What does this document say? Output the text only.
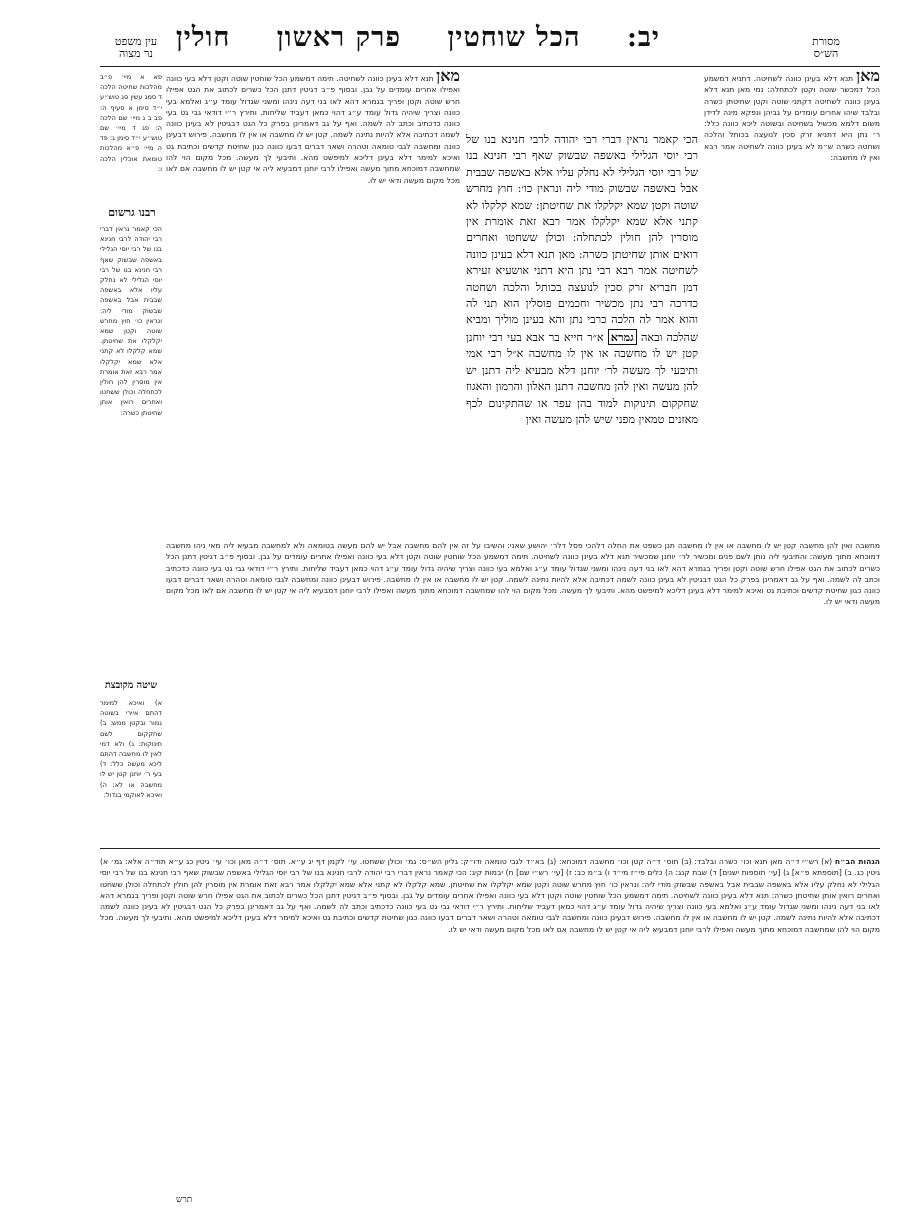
עין משפט
נר מצוה
יב: הכל שוחטין פרק ראשון חולין	מסורת
הש״ס
פא א מיי׳ פ״ב מהלכות שחיטה הלכה ד סמג עשין סג טוש״ע י״ד סימן א סעיף ה: פב ב ג מיי׳ שם הלכה ה: פג ד מיי׳ שם טוש״ע י״ד סימן ג: פד ה מיי׳ פ״א מהלכות טומאת אוכלין הלכה ו:
רבנו גרשום
הכי קאמר נראין דברי רבי יהודה לרבי חנינא בנו של רבי יוסי הגלילי באשפה שבשוק שאף רבי חנינא בנו של רבי יוסי הגלילי לא נחלק עליו אלא באשפה שבבית אבל באשפה שבשוק מודי ליה: ונראין כו׳ חוץ מחרש שוטה וקטן שמא יקלקלו את שחיטתן. שמא קלקלו לא קתני אלא שמא יקלקלו אמר רבא זאת אומרת אין מוסרין להן חולין לכתחלה וכולן ששחטו ואחרים רואין אותן שחיטתן כשרה:
שיטה מקובצת
א) ואיכא למימר דהתם איירי בשוטה גמור ובקטן ממש: ב) שחקקום לשם תינוקות: ג) ולא דמי לאין לו מחשבה דהתם ליכא מעשה כלל: ד) בעי ר׳ יוחנן קטן יש לו מחשבה או לא: ה) ואיכא לאוקמי בגדול:
מאן תנא דלא בעינן כוונה לשחיטה. תימה דמשמע הכל שוחטין שוטה וקטן דלא בעי כוונה ואפילו אחרים עומדים על גבן. ובסוף פ״ב דגיטין דתנן הכל כשרים לכתוב את הגט אפילו חרש שוטה וקטן ופריך בגמרא דהא לאו בני דעה נינהו ומשני שגדול עומד ע״ג ואלמא בעי כוונה וצריך שיהיה גדול עומד ע״ג דהוי כמאן דעביד שליחות. ותירץ ר״י דודאי גבי גט בעי כוונה כדכתיב וכתב לה לשמה. ואף על גב דאמרינן בפרק כל הגט דבגיטין לא בעינן כוונה לשמה דכתיבה אלא להיות נתינה לשמה. קטן יש לו מחשבה או אין לו מחשבה. פירוש דבעינן כוונה ומחשבה לגבי טומאה וטהרה ושאר דברים דבעו כוונה כגון שחיטת קדשים וכתיבת גט ואיכא למימר דלא בעינן דליכא למיפשט מהא. ותיבעי לך מעשה. מכל מקום הוי להו שמחשבה דמוכחא מתוך מעשה ואפילו לרבי יוחנן דמבעיא ליה אי קטן יש לו מחשבה אם לאו מכל מקום מעשה ודאי יש לו.
הכי קאמר נראין דברי רבי יהודה לרבי חנינא בנו של רבי יוסי הגלילי באשפה שבשוק שאף רבי חנינא בנו של רבי יוסי הגלילי לא נחלק עליו אלא באשפה שבבית אבל באשפה שבשוק מודי ליה ונראין כו׳: חוץ מחרש שוטה וקטן שמא יקלקלו את שחיטתן: שמא קלקלו לא קתני אלא שמא יקלקלו אמר רבא זאת אומרת אין מוסרין להן חולין לכתחלה: וכולן ששחטו ואחרים רואים אותן שחיטתן כשרה: מאן תנא דלא בעינן כוונה לשחיטה אמר רבא רבי נתן היא דתני אושעיא זעירא דמן חבריא זרק סכין לנועצה בכותל והלכה ושחטה כדרכה רבי נתן מכשיר וחכמים פוסלין הוא תני לה והוא אמר לה הלכה כרבי נתן והא בעינן מוליך ומביא שהלכה ובאה גמרא א״ר חייא בר אבא בעי רבי יוחנן קטן יש לו מחשבה או אין לו מחשבה א״ל רבי אמי ותיבעי לך מעשה לר׳ יוחנן דלא מבעיא ליה דתנן יש להן מעשה ואין להן מחשבה דתנן האלון והרמון והאגוז שחקקום תינוקות למוד בהן עפר או שהתקינום לכף מאזנים טמאין מפני שיש להן מעשה ואין
מאן תנא דלא בעינן כוונה לשחיטה. דתניא דמשמע הכל דמכשר שוטה וקטן לכתחלה: נמי מאן תנא דלא בעינן כוונה לשחיטה דקתני שוטה וקטן שחיטתן כשרה ובלבד שיהו אחרים עומדים על גביהן ונפקא מינה לדידן משום דלמא מכשיל בשחיטה ובשוטה ליכא כוונה כלל: ר׳ נתן היא דתניא זרק סכין לנועצה בכותל והלכה ושחטה כשרה ש״מ לא בעינן כוונה לשחיטה אמר רבא ואין לו מחשבה:
מחשבה ואין להן מחשבה קטן יש לו מחשבה או אין לו מחשבה תנן כשפט את החלה דלהכי פסל דלר׳ יהושע שאני: והשיבו על זה אין להם מחשבה אבל יש להם מעשה בטומאה ולא למחשבה מבעיא ליה מאי ניהו מחשבה דמוכחא מתוך מעשה: והתיבעי ליה נותן לשם פנים ומכשיר לר׳ יוחנן שמכשיר תנא דלא בעינן כוונה לשחיטה. תימה דמשמע הכל שוחטין שוטה וקטן דלא בעי כוונה ואפילו אחרים עומדים על גבן. ובסוף פ״ב דגיטין דתנן הכל כשרים לכתוב את הגט אפילו חרש שוטה וקטן ופריך בגמרא דהא לאו בני דעה נינהו ומשני שגדול עומד ע״ג ואלמא בעי כוונה וצריך שיהיה גדול עומד ע״ג דהוי כמאן דעביד שליחות. ותירץ ר״י דודאי גבי גט בעי כוונה כדכתיב וכתב לה לשמה. ואף על גב דאמרינן בפרק כל הגט דבגיטין לא בעינן כוונה לשמה דכתיבה אלא להיות נתינה לשמה. קטן יש לו מחשבה או אין לו מחשבה. פירוש דבעינן כוונה ומחשבה לגבי טומאה וטהרה ושאר דברים דבעו כוונה כגון שחיטת קדשים וכתיבת גט ואיכא למימר דלא בעינן דליכא למיפשט מהא. ותיבעי לך מעשה. מכל מקום הוי להו שמחשבה דמוכחא מתוך מעשה ואפילו לרבי יוחנן דמבעיא ליה אי קטן יש לו מחשבה אם לאו מכל מקום מעשה ודאי יש לו.
הגהות הב״ח (א) רש״י ד״ה מאן תנא וכו׳ כשרה ובלבד: (ב) תוס׳ ד״ה קטן וכו׳ מחשבה דמוכחא: (ג) בא״ד לגבי טומאה ודו״ק: גליון הש״ס: גמ׳ וכולן ששחטו. עי׳ לקמן דף יג ע״א. תוס׳ ד״ה מאן וכו׳ עי׳ גיטין כג ע״א תוד״ה אלא: גמ׳ א) גיטין כג. ב) [תוספתא פ״א] ג) [עי׳ תוספות ישנים] ד) שבת קנג: ה) כלים פי״ז מי״ד ו) ב״מ כב: ז) [עי׳ רש״י שם] ח) יבמות קיג: הכי קאמר נראין דברי רבי יהודה לרבי חנינא בנו של רבי יוסי הגלילי באשפה שבשוק שאף רבי חנינא בנו של רבי יוסי הגלילי לא נחלק עליו אלא באשפה שבבית אבל באשפה שבשוק מודי ליה: ונראין כו׳ חוץ מחרש שוטה וקטן שמא יקלקלו את שחיטתן. שמא קלקלו לא קתני אלא שמא יקלקלו אמר רבא זאת אומרת אין מוסרין להן חולין לכתחלה וכולן ששחטו ואחרים רואין אותן שחיטתן כשרה: תנא דלא בעינן כוונה לשחיטה. תימה דמשמע הכל שוחטין שוטה וקטן דלא בעי כוונה ואפילו אחרים עומדים על גבן. ובסוף פ״ב דגיטין דתנן הכל כשרים לכתוב את הגט אפילו חרש שוטה וקטן ופריך בגמרא דהא לאו בני דעה נינהו ומשני שגדול עומד ע״ג ואלמא בעי כוונה וצריך שיהיה גדול עומד ע״ג דהוי כמאן דעביד שליחות. ותירץ ר״י דודאי גבי גט בעי כוונה כדכתיב וכתב לה לשמה. ואף על גב דאמרינן בפרק כל הגט דבגיטין לא בעינן כוונה לשמה דכתיבה אלא להיות נתינה לשמה. קטן יש לו מחשבה או אין לו מחשבה. פירוש דבעינן כוונה ומחשבה לגבי טומאה וטהרה ושאר דברים דבעו כוונה כגון שחיטת קדשים וכתיבת גט ואיכא למימר דלא בעינן דליכא למיפשט מהא. ותיבעי לך מעשה. מכל מקום הוי להו שמחשבה דמוכחא מתוך מעשה ואפילו לרבי יוחנן דמבעיא ליה אי קטן יש לו מחשבה אם לאו מכל מקום מעשה ודאי יש לו.
תרש
